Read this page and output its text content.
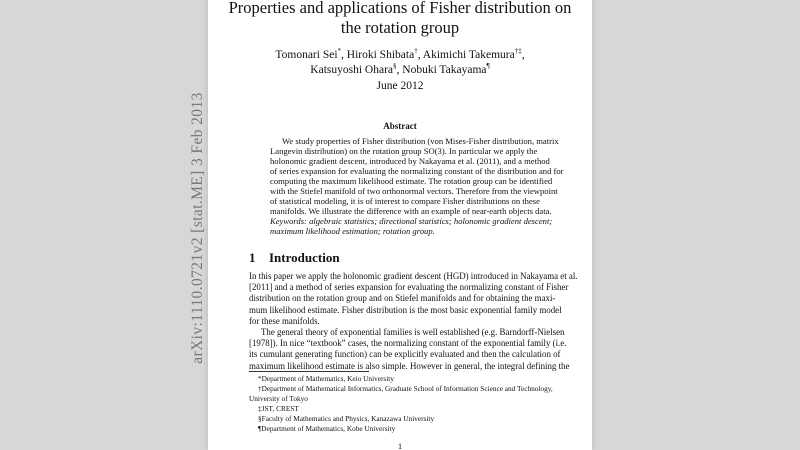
arXiv:1110.0721v2 [stat.ME] 3 Feb 2013
Properties and applications of Fisher distribution on
the rotation group
Tomonari Sei*, Hiroki Shibata†, Akimichi Takemura†‡,
Katsuyoshi Ohara§, Nobuki Takayama¶
June 2012
Abstract
We study properties of Fisher distribution (von Mises-Fisher distribution, matrix
Langevin distribution) on the rotation group SO(3). In particular we apply the
holonomic gradient descent, introduced by Nakayama et al. (2011), and a method
of series expansion for evaluating the normalizing constant of the distribution and for
computing the maximum likelihood estimate. The rotation group can be identified
with the Stiefel manifold of two orthonormal vectors. Therefore from the viewpoint
of statistical modeling, it is of interest to compare Fisher distributions on these
manifolds. We illustrate the difference with an example of near-earth objects data.
Keywords: algebraic statistics; directional statistics; holonomic gradient descent;
maximum likelihood estimation; rotation group.
1 Introduction
In this paper we apply the holonomic gradient descent (HGD) introduced in Nakayama et al.
[2011] and a method of series expansion for evaluating the normalizing constant of Fisher
distribution on the rotation group and on Stiefel manifolds and for obtaining the maxi-
mum likelihood estimate. Fisher distribution is the most basic exponential family model
for these manifolds.
The general theory of exponential families is well established (e.g. Barndorff-Nielsen
[1978]). In nice “textbook” cases, the normalizing constant of the exponential family (i.e.
its cumulant generating function) can be explicitly evaluated and then the calculation of
maximum likelihood estimate is also simple. However in general, the integral defining the
*Department of Mathematics, Keio University
†Department of Mathematical Informatics, Graduate School of Information Science and Technology,
University of Tokyo
‡JST, CREST
§Faculty of Mathematics and Physics, Kanazawa University
¶Department of Mathematics, Kobe University
1
